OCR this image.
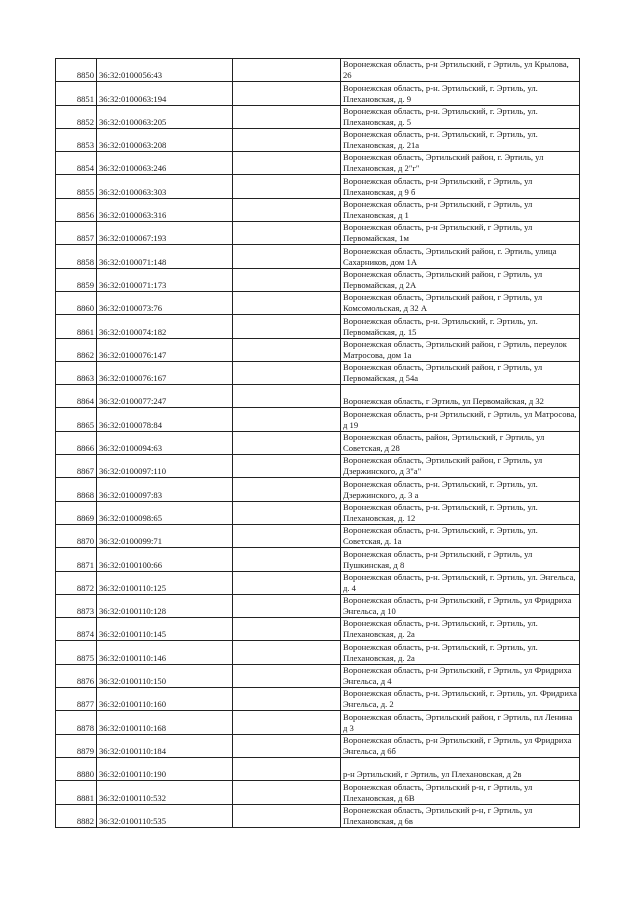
8850	36:32:0100056:43		Воронежская область, р-н Эртильский, г Эртиль, ул Крылова, 26
8851	36:32:0100063:194		Воронежская область, р-н. Эртильский, г. Эртиль, ул. Плехановская, д. 9
8852	36:32:0100063:205		Воронежская область, р-н. Эртильский, г. Эртиль, ул. Плехановская, д. 5
8853	36:32:0100063:208		Воронежская область, р-н. Эртильский, г. Эртиль, ул. Плехановская, д. 21а
8854	36:32:0100063:246		Воронежская область, Эртильский район, г. Эртиль, ул Плехановская, д 2"г"
8855	36:32:0100063:303		Воронежская область, р-н Эртильский, г Эртиль, ул Плехановская, д 9 б
8856	36:32:0100063:316		Воронежская область, р-н Эртильский, г Эртиль, ул Плехановская, д 1
8857	36:32:0100067:193		Воронежская область, р-н Эртильский, г Эртиль, ул Первомайская, 1м
8858	36:32:0100071:148		Воронежская область, Эртильский район, г. Эртиль, улица Сахарников, дом 1А
8859	36:32:0100071:173		Воронежская область, Эртильский район, г Эртиль, ул Первомайская, д 2А
8860	36:32:0100073:76		Воронежская область, Эртильский район, г Эртиль, ул Комсомольская, д 32 А
8861	36:32:0100074:182		Воронежская область, р-н. Эртильский, г. Эртиль, ул. Первомайская, д. 15
8862	36:32:0100076:147		Воронежская область, Эртильский район, г Эртиль, переулок Матросова, дом 1а
8863	36:32:0100076:167		Воронежская область, Эртильский район, г Эртиль, ул Первомайская, д 54а
8864	36:32:0100077:247		Воронежская область, г Эртиль, ул Первомайская, д 32
8865	36:32:0100078:84		Воронежская область, р-н Эртильский, г Эртиль, ул Матросова, д 19
8866	36:32:0100094:63		Воронежская область, район, Эртильский, г Эртиль, ул Советская, д 28
8867	36:32:0100097:110		Воронежская область, Эртильский район, г Эртиль, ул Дзержинского, д 3"а"
8868	36:32:0100097:83		Воронежская область, р-н. Эртильский, г. Эртиль, ул. Дзержинского, д. 3 а
8869	36:32:0100098:65		Воронежская область, р-н. Эртильский, г. Эртиль, ул. Плехановская, д. 12
8870	36:32:0100099:71		Воронежская область, р-н. Эртильский, г. Эртиль, ул. Советская, д. 1а
8871	36:32:0100100:66		Воронежская область, р-н Эртильский, г Эртиль, ул Пушкинская, д 8
8872	36:32:0100110:125		Воронежская область, р-н. Эртильский, г. Эртиль, ул. Энгельса, д. 4
8873	36:32:0100110:128		Воронежская область, р-н Эртильский, г Эртиль, ул Фридриха Энгельса, д 10
8874	36:32:0100110:145		Воронежская область, р-н. Эртильский, г. Эртиль, ул. Плехановская, д. 2а
8875	36:32:0100110:146		Воронежская область, р-н. Эртильский, г. Эртиль, ул. Плехановская, д. 2а
8876	36:32:0100110:150		Воронежская область, р-н Эртильский, г Эртиль, ул Фридриха Энгельса, д 4
8877	36:32:0100110:160		Воронежская область, р-н. Эртильский, г. Эртиль, ул. Фридриха Энгельса, д. 2
8878	36:32:0100110:168		Воронежская область, Эртильский район, г Эртиль, пл Ленина д 3
8879	36:32:0100110:184		Воронежская область, р-н Эртильский, г Эртиль, ул Фридриха Энгельса, д 6б
8880	36:32:0100110:190		р-н Эртильский, г Эртиль, ул Плехановская, д 2в
8881	36:32:0100110:532		Воронежская область, Эртильский р-н, г Эртиль, ул Плехановская, д 6В
8882	36:32:0100110:535		Воронежская область, Эртильский р-н, г Эртиль, ул Плехановская, д 6в
